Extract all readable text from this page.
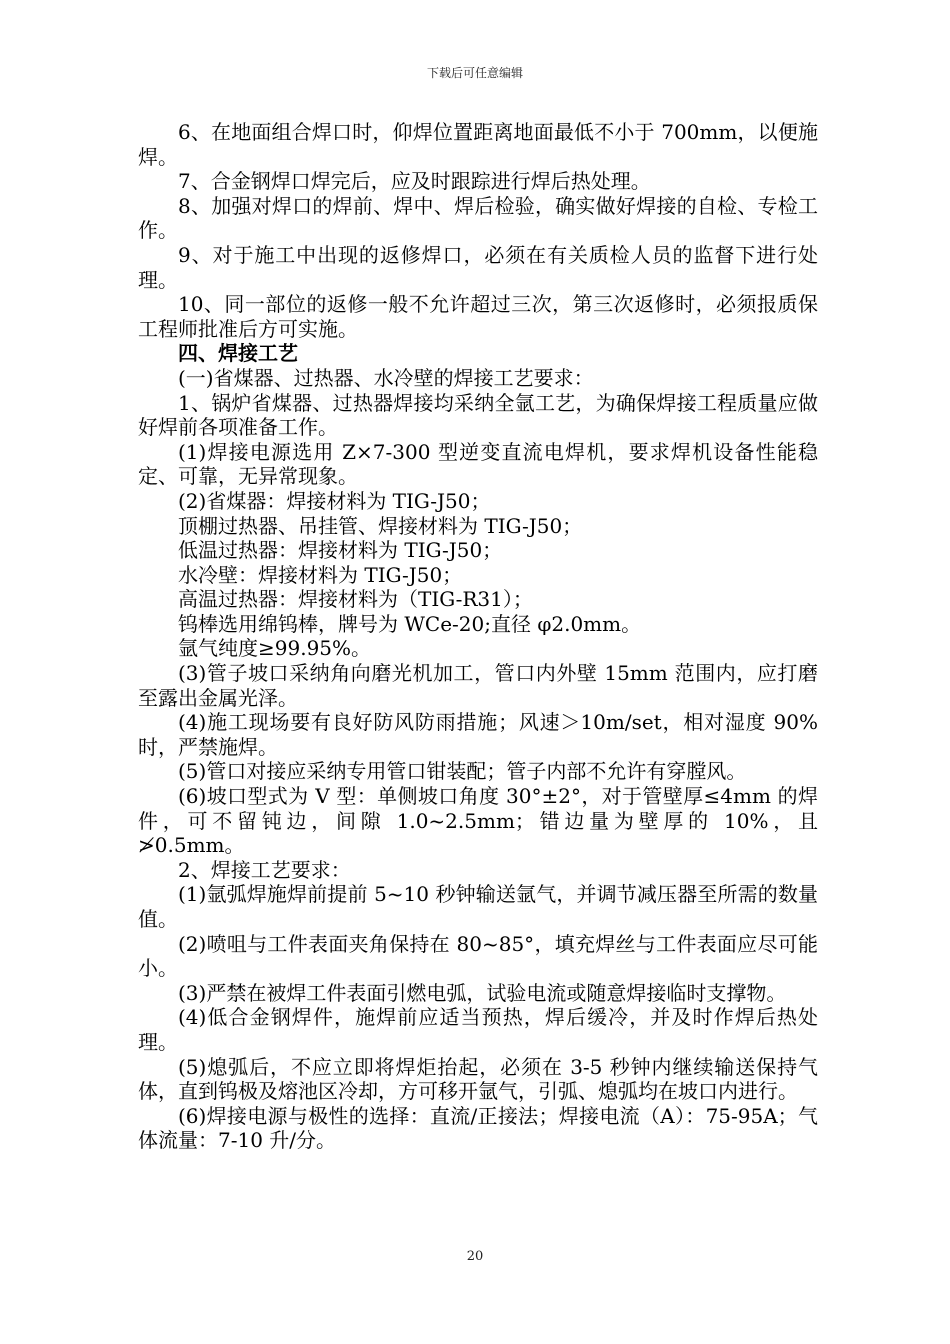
下载后可任意编辑

6、在地面组合焊口时，仰焊位置距离地面最低不小于 700mm，以便施焊。

7、合金钢焊口焊完后，应及时跟踪进行焊后热处理。

8、加强对焊口的焊前、焊中、焊后检验，确实做好焊接的自检、专检工作。

9、对于施工中出现的返修焊口，必须在有关质检人员的监督下进行处理。

10、同一部位的返修一般不允许超过三次，第三次返修时，必须报质保工程师批准后方可实施。

四、焊接工艺

(一)省煤器、过热器、水冷壁的焊接工艺要求：

1、锅炉省煤器、过热器焊接均采纳全氩工艺，为确保焊接工程质量应做好焊前各项准备工作。

(1)焊接电源选用 Z×7-300 型逆变直流电焊机，要求焊机设备性能稳定、可靠，无异常现象。

(2)省煤器：焊接材料为 TIG-J50；

顶棚过热器、吊挂管、焊接材料为 TIG-J50；

低温过热器：焊接材料为 TIG-J50；

水冷壁：焊接材料为 TIG-J50；

高温过热器：焊接材料为（TIG-R31）；

钨棒选用绵钨棒，牌号为 WCe-20;直径 φ2.0mm。

氩气纯度≥99.95%。

(3)管子坡口采纳角向磨光机加工，管口内外壁 15mm 范围内，应打磨至露出金属光泽。

(4)施工现场要有良好防风防雨措施；风速＞10m/set，相对湿度 90%时，严禁施焊。

(5)管口对接应采纳专用管口钳装配；管子内部不允许有穿膛风。

(6)坡口型式为 V 型：单侧坡口角度 30°±2°，对于管壁厚≤4mm 的焊件，可不留钝边，间隙 1.0~2.5mm；错边量为壁厚的 10%，且≯0.5mm。

2、焊接工艺要求：

(1)氩弧焊施焊前提前 5~10 秒钟输送氩气，并调节减压器至所需的数量值。

(2)喷咀与工件表面夹角保持在 80~85°，填充焊丝与工件表面应尽可能小。

(3)严禁在被焊工件表面引燃电弧，试验电流或随意焊接临时支撑物。

(4)低合金钢焊件，施焊前应适当预热，焊后缓冷，并及时作焊后热处理。

(5)熄弧后，不应立即将焊炬抬起，必须在 3-5 秒钟内继续输送保持气体，直到钨极及熔池区冷却，方可移开氩气，引弧、熄弧均在坡口内进行。

(6)焊接电源与极性的选择：直流/正接法；焊接电流（A）：75-95A；气体流量：7-10 升/分。

20
